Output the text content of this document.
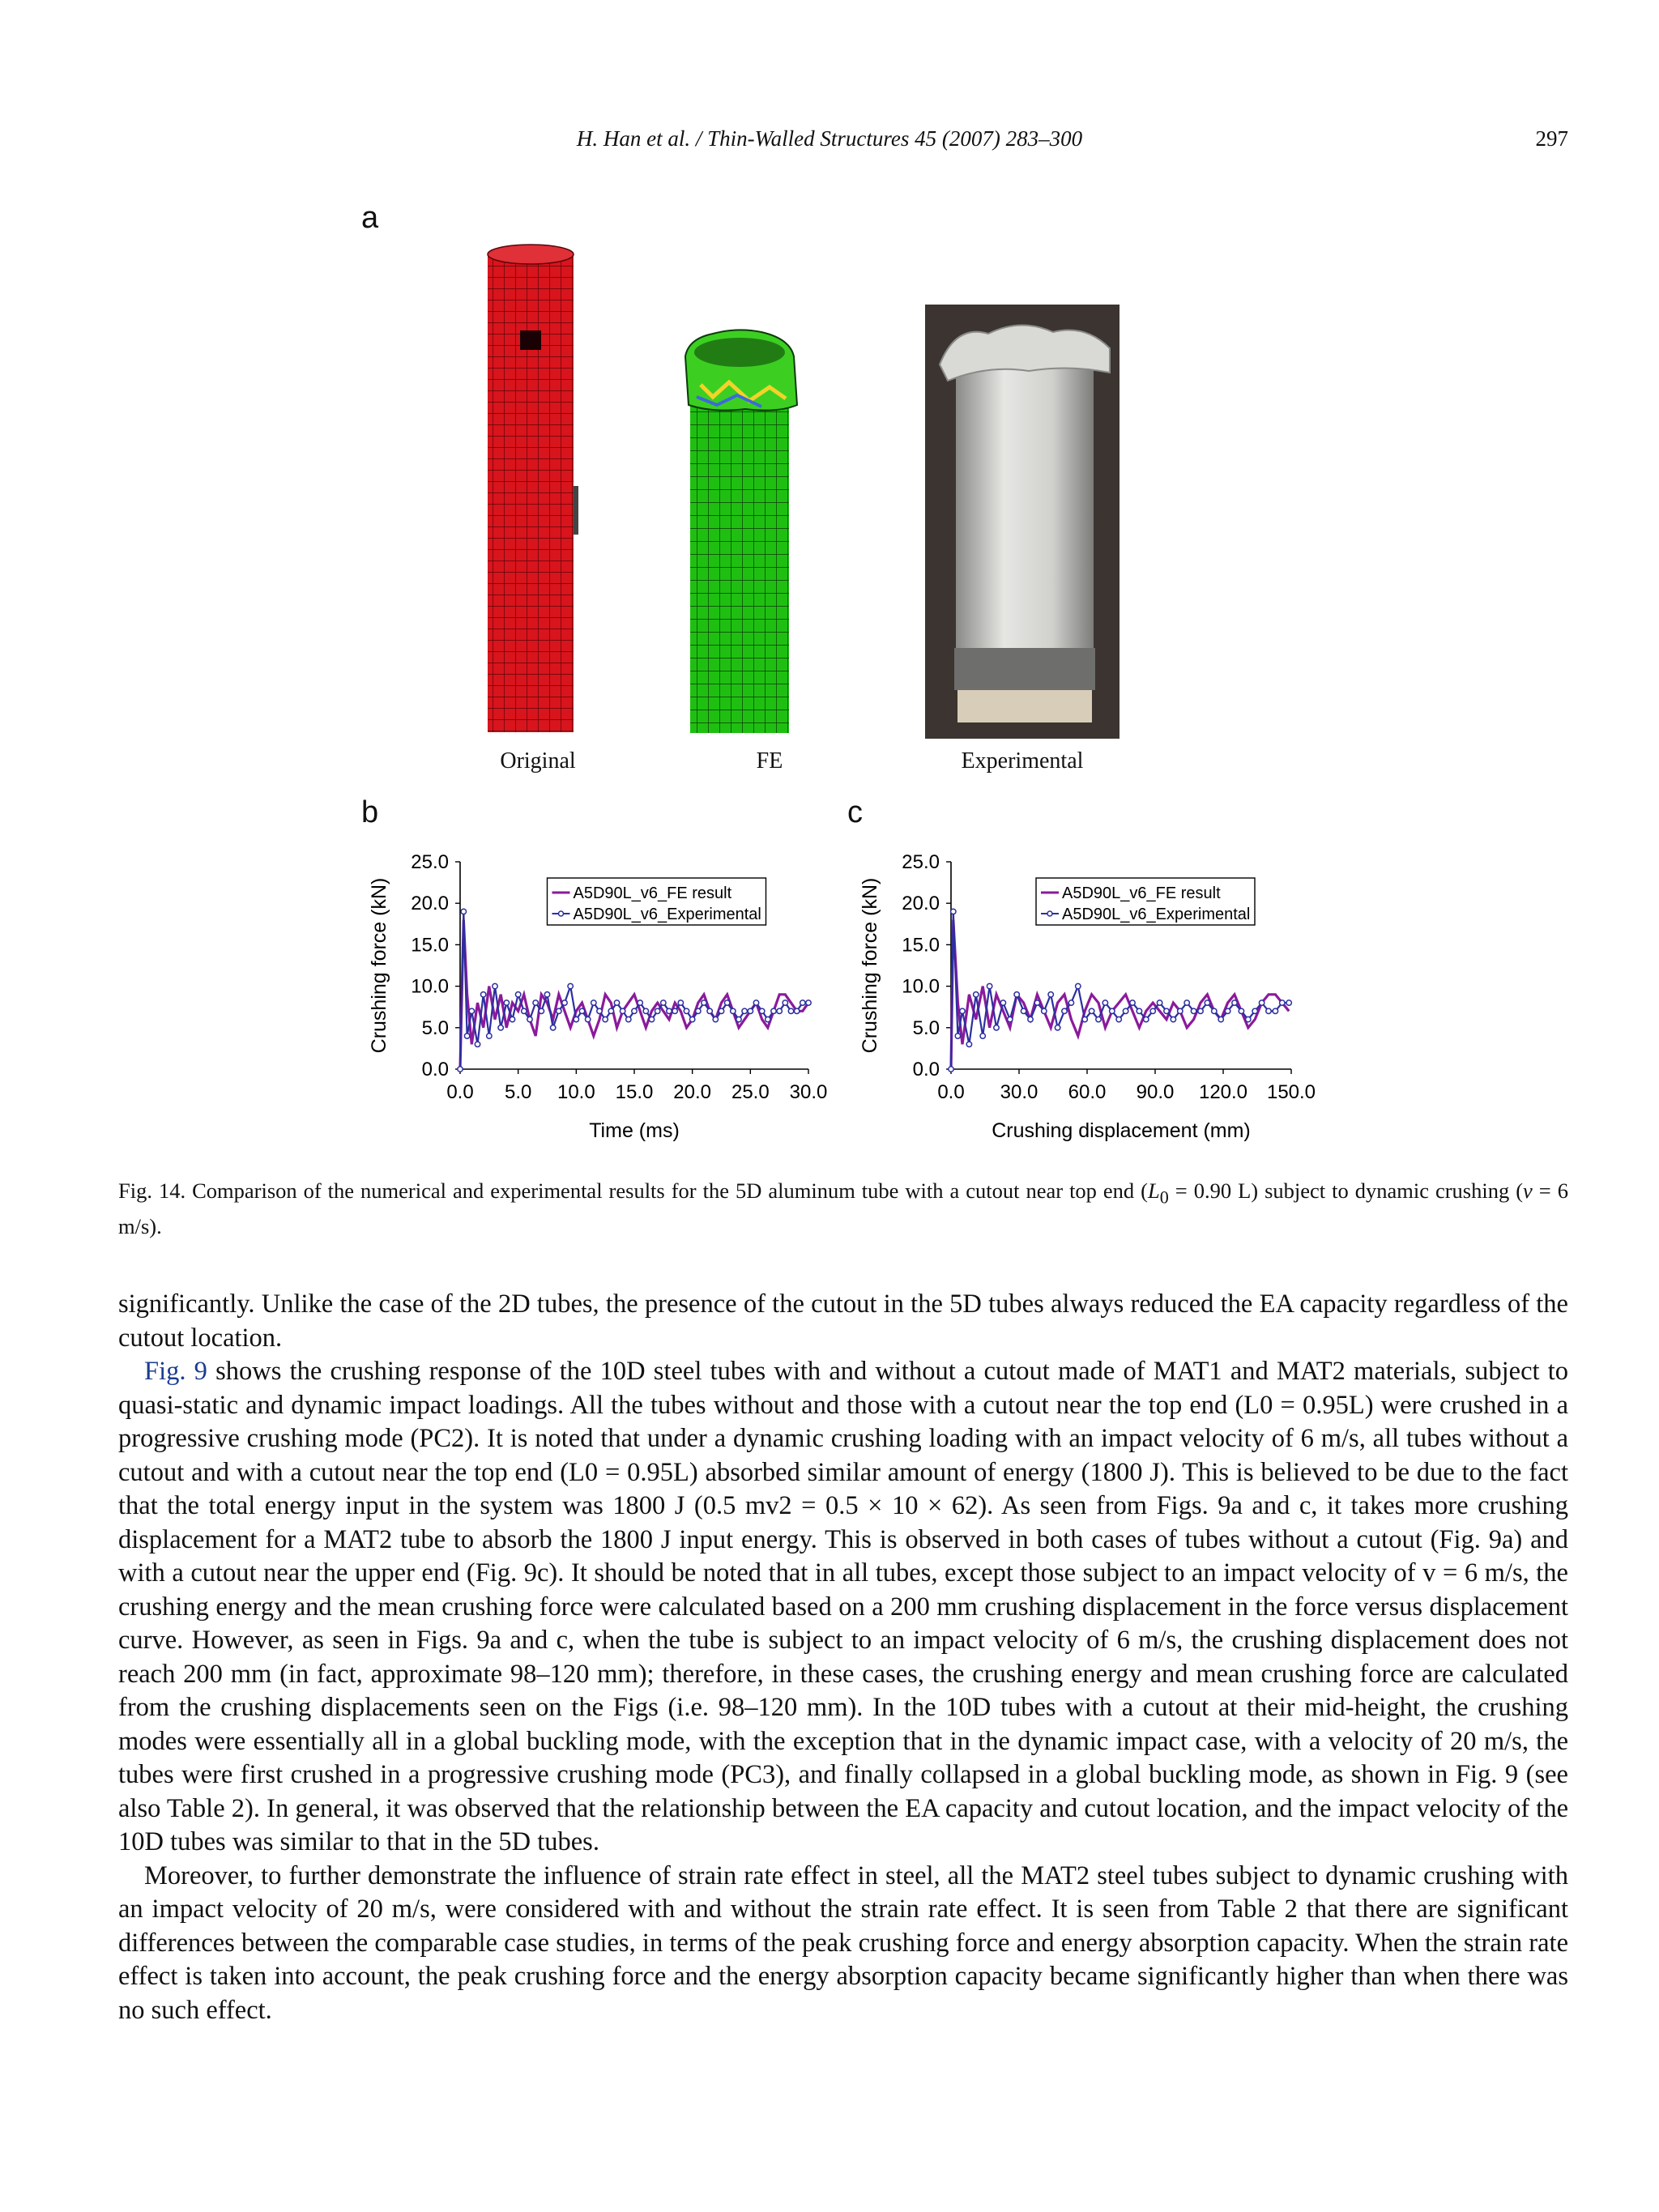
H. Han et al. / Thin-Walled Structures 45 (2007) 283–300	297
a
Original	FE	Experimental
b	c
0.0
5.0
10.0
15.0
20.0
25.0
0.0 5.0 10.0 15.0 20.0 25.0 30.0
Time (ms)
Crushing force (kN)	A5D90L_v6_FE result
A5D90L_v6_Experimental
0.0
5.0
10.0
15.0
20.0
25.0
0.0 30.0 60.0 90.0 120.0 150.0
Crushing displacement (mm)
Crushing force (kN)	A5D90L_v6_FE result
A5D90L_v6_Experimental
Fig. 14. Comparison of the numerical and experimental results for the 5D aluminum tube with a cutout near top end ($L_0 = 0.90$ L) subject to dynamic crushing (v = 6 m/s).

significantly. Unlike the case of the 2D tubes, the presence of the cutout in the 5D tubes always reduced the EA capacity regardless of the cutout location.

Fig. 9 shows the crushing response of the 10D steel tubes with and without a cutout made of MAT1 and MAT2 materials, subject to quasi-static and dynamic impact loadings. All the tubes without and those with a cutout near the top end (L0 = 0.95L) were crushed in a progressive crushing mode (PC2). It is noted that under a dynamic crushing loading with an impact velocity of 6 m/s, all tubes without a cutout and with a cutout near the top end (L0 = 0.95L) absorbed similar amount of energy (1800 J). This is believed to be due to the fact that the total energy input in the system was 1800 J (0.5 mv2 = 0.5 × 10 × 62). As seen from Figs. 9a and c, it takes more crushing displacement for a MAT2 tube to absorb the 1800 J input energy. This is observed in both cases of tubes without a cutout (Fig. 9a) and with a cutout near the upper end (Fig. 9c). It should be noted that in all tubes, except those subject to an impact velocity of v = 6 m/s, the crushing energy and the mean crushing force were calculated based on a 200 mm crushing displacement in the force versus displacement curve. However, as seen in Figs. 9a and c, when the tube is subject to an impact velocity of 6 m/s, the crushing displacement does not reach 200 mm (in fact, approximate 98–120 mm); therefore, in these cases, the crushing energy and mean crushing force are calculated from the crushing displacements seen on the Figs (i.e. 98–120 mm). In the 10D tubes with a cutout at their mid-height, the crushing modes were essentially all in a global buckling mode, with the exception that in the dynamic impact case, with a velocity of 20 m/s, the tubes were first crushed in a progressive crushing mode (PC3), and finally collapsed in a global buckling mode, as shown in Fig. 9 (see also Table 2). In general, it was observed that the relationship between the EA capacity and cutout location, and the impact velocity of the 10D tubes was similar to that in the 5D tubes.

Moreover, to further demonstrate the influence of strain rate effect in steel, all the MAT2 steel tubes subject to dynamic crushing with an impact velocity of 20 m/s, were considered with and without the strain rate effect. It is seen from Table 2 that there are significant differences between the comparable case studies, in terms of the peak crushing force and energy absorption capacity. When the strain rate effect is taken into account, the peak crushing force and the energy absorption capacity became significantly higher than when there was no such effect.
